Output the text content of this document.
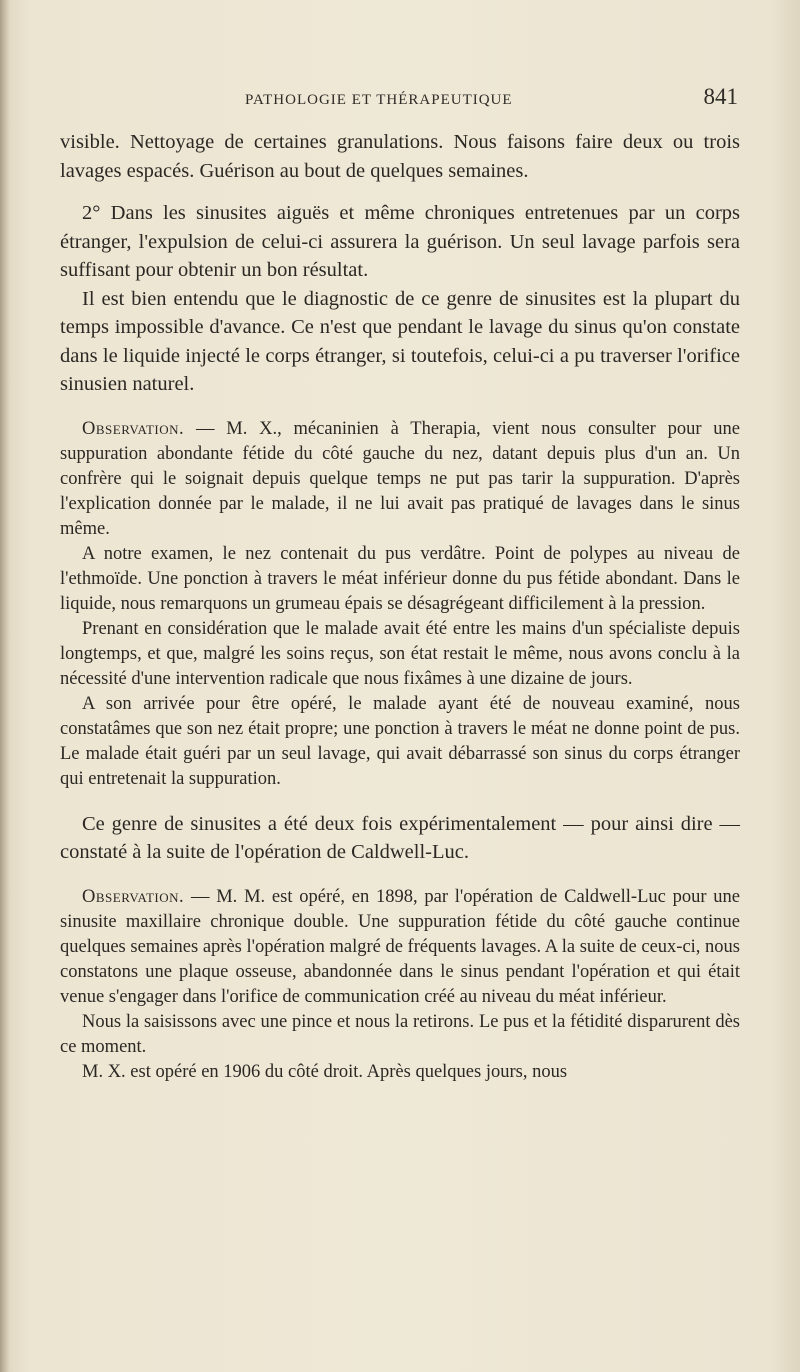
PATHOLOGIE ET THÉRAPEUTIQUE	841

visible. Nettoyage de certaines granulations. Nous faisons faire deux ou trois lavages espacés. Guérison au bout de quelques semaines.

2° Dans les sinusites aiguës et même chroniques entretenues par un corps étranger, l'expulsion de celui-ci assurera la guérison. Un seul lavage parfois sera suffisant pour obtenir un bon résultat.

Il est bien entendu que le diagnostic de ce genre de sinusites est la plupart du temps impossible d'avance. Ce n'est que pendant le lavage du sinus qu'on constate dans le liquide injecté le corps étranger, si toutefois, celui-ci a pu traverser l'orifice sinusien naturel.

Observation. — M. X., mécaninien à Therapia, vient nous consulter pour une suppuration abondante fétide du côté gauche du nez, datant depuis plus d'un an. Un confrère qui le soignait depuis quelque temps ne put pas tarir la suppuration. D'après l'explication donnée par le malade, il ne lui avait pas pratiqué de lavages dans le sinus même.

A notre examen, le nez contenait du pus verdâtre. Point de polypes au niveau de l'ethmoïde. Une ponction à travers le méat inférieur donne du pus fétide abondant. Dans le liquide, nous remarquons un grumeau épais se désagrégeant difficilement à la pression.

Prenant en considération que le malade avait été entre les mains d'un spécialiste depuis longtemps, et que, malgré les soins reçus, son état restait le même, nous avons conclu à la nécessité d'une intervention radicale que nous fixâmes à une dizaine de jours.

A son arrivée pour être opéré, le malade ayant été de nouveau examiné, nous constatâmes que son nez était propre; une ponction à travers le méat ne donne point de pus. Le malade était guéri par un seul lavage, qui avait débarrassé son sinus du corps étranger qui entretenait la suppuration.

Ce genre de sinusites a été deux fois expérimentalement — pour ainsi dire — constaté à la suite de l'opération de Caldwell-Luc.

Observation. — M. M. est opéré, en 1898, par l'opération de Caldwell-Luc pour une sinusite maxillaire chronique double. Une suppuration fétide du côté gauche continue quelques semaines après l'opération malgré de fréquents lavages. A la suite de ceux-ci, nous constatons une plaque osseuse, abandonnée dans le sinus pendant l'opération et qui était venue s'engager dans l'orifice de communication créé au niveau du méat inférieur.

Nous la saisissons avec une pince et nous la retirons. Le pus et la fétidité disparurent dès ce moment.

M. X. est opéré en 1906 du côté droit. Après quelques jours, nous
